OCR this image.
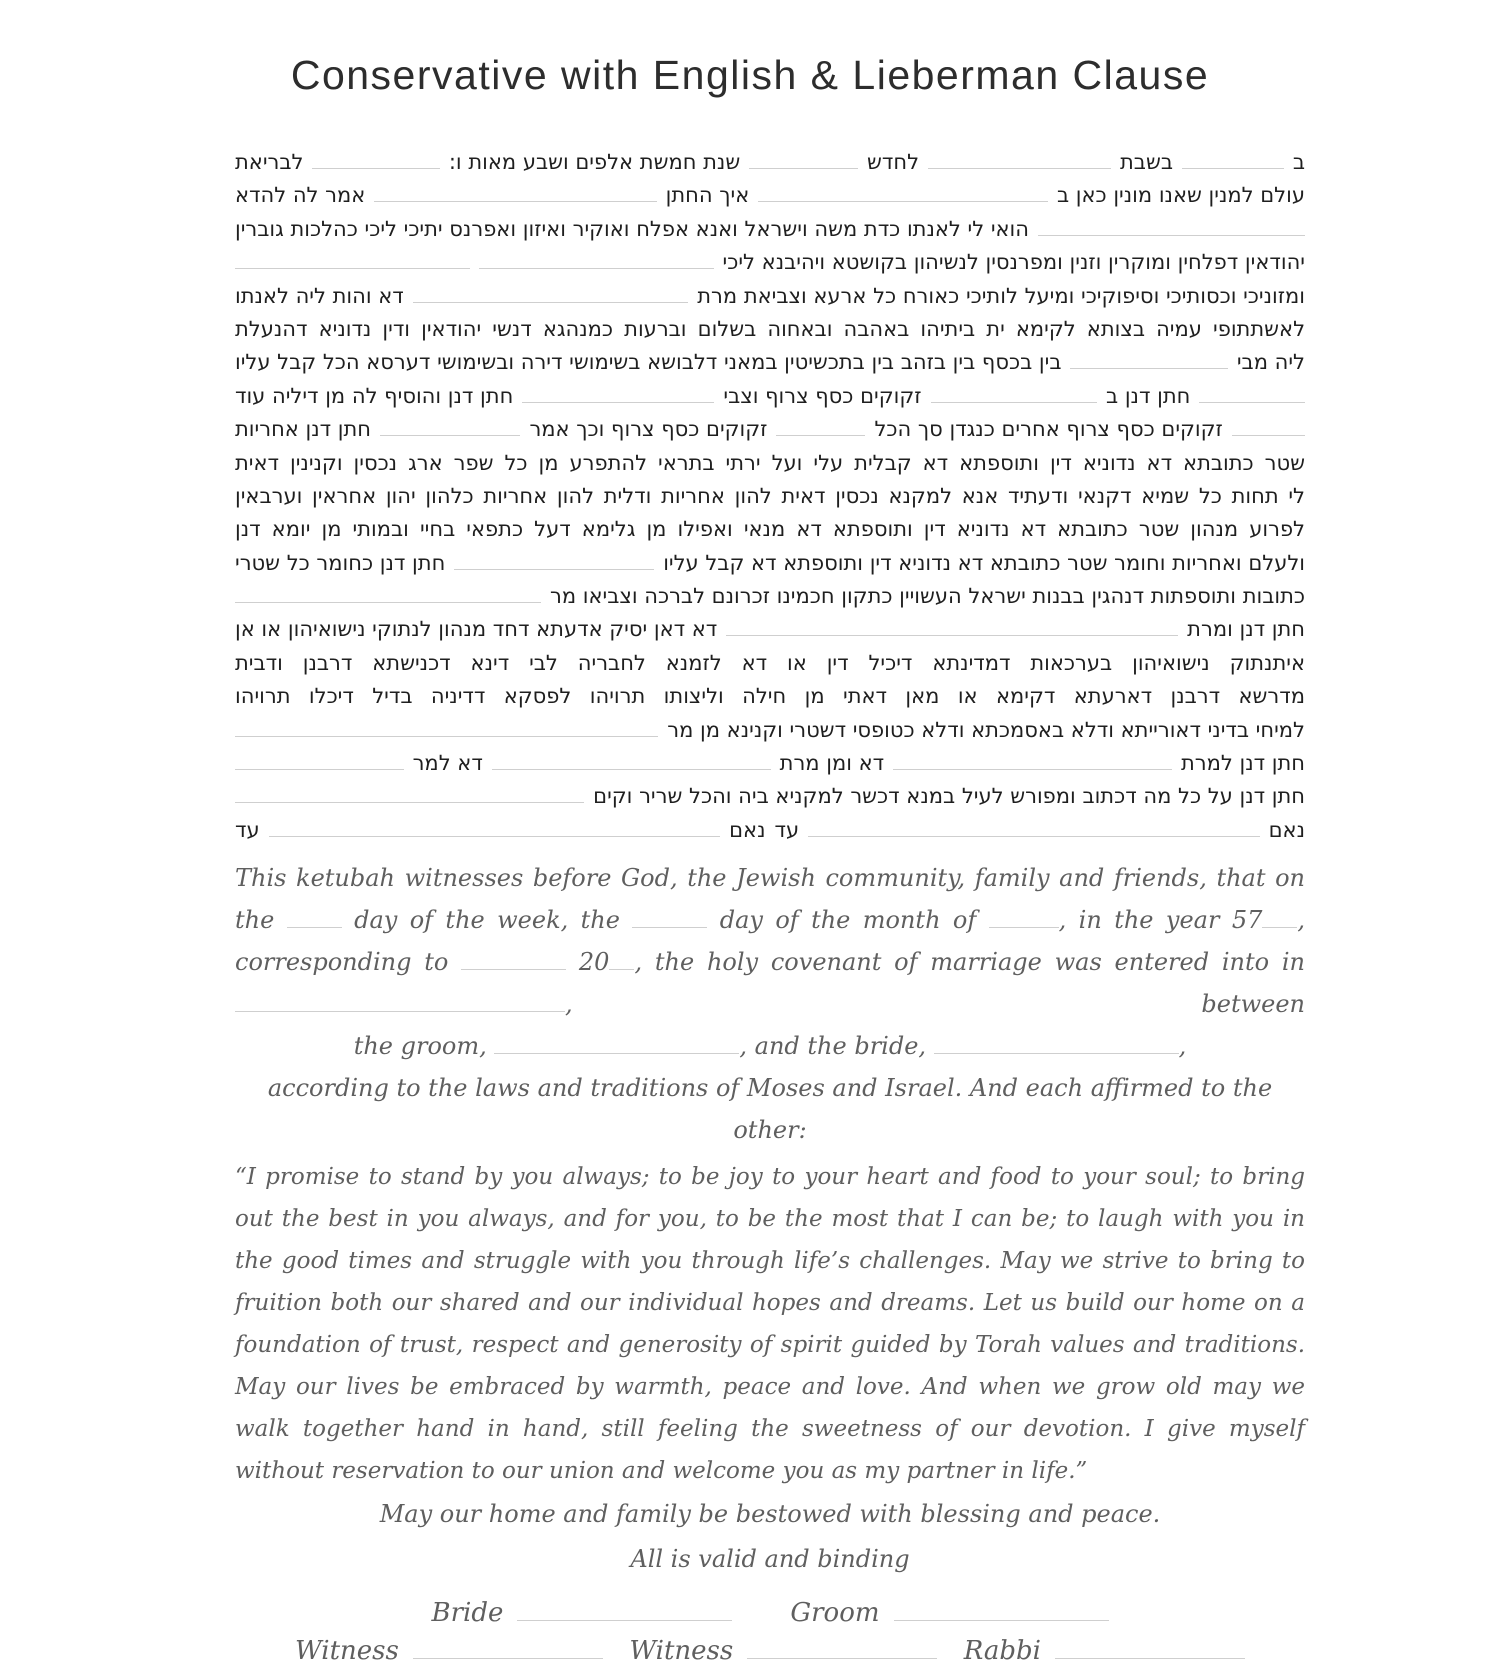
Conservative with English & Lieberman Clause
ב
בשבת
לחדש
שנת חמשת אלפים ושבע מאות ו:
לבריאת
עולם למנין שאנו מונין כאן ב
איך החתן
אמר לה להדא
הואי לי לאנתו כדת משה וישראל ואנא אפלח ואוקיר ואיזון ואפרנס יתיכי ליכי כהלכות גוברין
יהודאין דפלחין ומוקרין וזנין ומפרנסין לנשיהון בקושטא ויהיבנא ליכי
ומזוניכי וכסותיכי וסיפוקיכי ומיעל לותיכי כאורח כל ארעא וצביאת מרת
דא והות ליה לאנתו
לאשתתופי עמיה בצותא לקימא ית ביתיהו באהבה ובאחוה בשלום וברעות כמנהגא דנשי יהודאין ודין נדוניא דהנעלת
ליה מבי
בין בכסף בין בזהב בין בתכשיטין במאני דלבושא בשימושי דירה ובשימושי דערסא הכל קבל עליו
חתן דנן ב
זקוקים כסף צרוף וצבי
חתן דנן והוסיף לה מן דיליה עוד
זקוקים כסף צרוף אחרים כנגדן סך הכל
זקוקים כסף צרוף וכך אמר
חתן דנן אחריות
שטר כתובתא דא נדוניא דין ותוספתא דא קבלית עלי ועל ירתי בתראי להתפרע מן כל שפר ארג נכסין וקנינין דאית
לי תחות כל שמיא דקנאי ודעתיד אנא למקנא נכסין דאית להון אחריות ודלית להון אחריות כלהון יהון אחראין וערבאין
לפרוע מנהון שטר כתובתא דא נדוניא דין ותוספתא דא מנאי ואפילו מן גלימא דעל כתפאי בחיי ובמותי מן יומא דנן
ולעלם ואחריות וחומר שטר כתובתא דא נדוניא דין ותוספתא דא קבל עליו
חתן דנן כחומר כל שטרי
כתובות ותוספתות דנהגין בבנות ישראל העשויין כתקון חכמינו זכרונם לברכה וצביאו מר
חתן דנן ומרת
דא דאן יסיק אדעתא דחד מנהון לנתוקי נישואיהון או אן
איתנתוק נישואיהון בערכאות דמדינתא דיכיל דין או דא לזמנא לחבריה לבי דינא דכנישתא דרבנן ודבית
מדרשא דרבנן דארעתא דקימא או מאן דאתי מן חילה וליצותו תרויהו לפסקא דדיניה בדיל דיכלו תרויהו
למיחי בדיני דאורייתא ודלא באסמכתא ודלא כטופסי דשטרי וקנינא מן מר
חתן דנן למרת
דא ומן מרת
דא למר
חתן דנן על כל מה דכתוב ומפורש לעיל במנא דכשר למקניא ביה והכל שריר וקים
נאם
עד
נאם
עד
This ketubah witnesses before God, the Jewish community, family and friends, that on the  day of the week, the	day of the month of	, in the year 57 , corresponding to	20 , the holy covenant of marriage was entered into in , between
the groom,	, and the bride,	,
according to the laws and traditions of Moses and Israel. And each affirmed to the other:
“I promise to stand by you always; to be joy to your heart and food to your soul; to bring out the best in you always, and for you, to be the most that I can be; to laugh with you in the good times and struggle with you through life’s challenges. May we strive to bring to fruition both our shared and our individual hopes and dreams. Let us build our home on a foundation of trust, respect and generosity of spirit guided by Torah values and traditions. May our lives be embraced by warmth, peace and love. And when we grow old may we walk together hand in hand, still feeling the sweetness of our devotion. I give myself without reservation to our union and welcome you as my partner in life.”
May our home and family be bestowed with blessing and peace.
All is valid and binding
Bride	Groom
Witness	Witness	Rabbi
